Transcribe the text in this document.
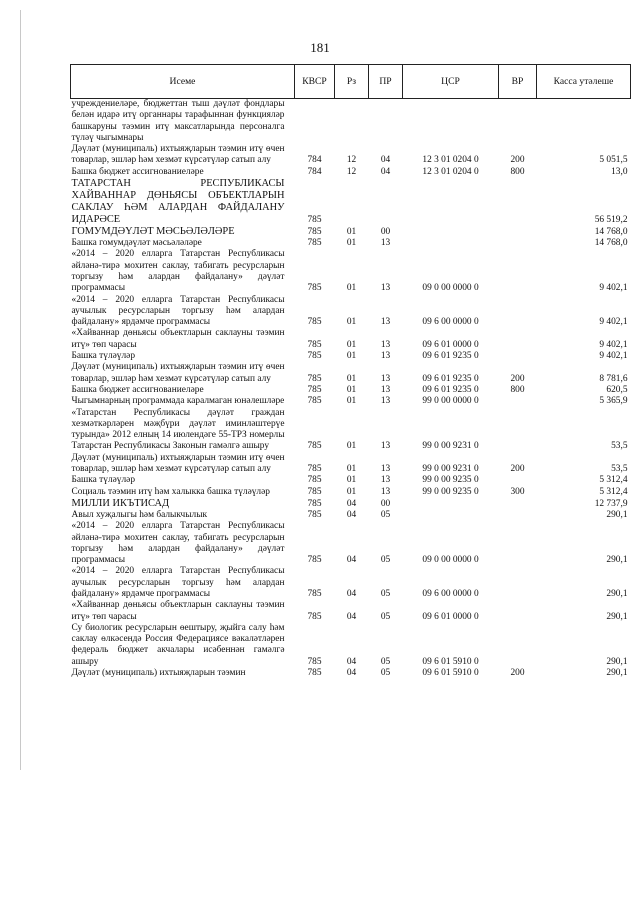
181
Исеме	КВСР	Рз	ПР	ЦСР	ВР	Касса утәлеше
учреждениеләре, бюджеттан тыш дәүләт фондлары белән идарә итү органнары тарафыннан функцияләр башкаруны тәэмин итү максатларында персоналга түләү чыгымнары						
Дәүләт (муниципаль) ихтыяҗларын тәэмин итү өчен товарлар, эшләр һәм хезмәт күрсәтүләр сатып алу	784	12	04	12 3 01 0204 0	200	5 051,5
Башка бюджет ассигнованиеләре	784	12	04	12 3 01 0204 0	800	13,0
ТАТАРСТАН РЕСПУБЛИКАСЫ ХАЙВАННАР ДӨНЬЯСЫ ОБЪЕКТЛАРЫН САКЛАУ ҺӘМ АЛАРДАН ФАЙДАЛАНУ ИДАРӘСЕ	785					56 519,2
ГОМУМДӘҮЛӘТ МӘСЬӘЛӘЛӘРЕ	785	01	00			14 768,0
Башка гомумдәүләт мәсьәләләре	785	01	13			14 768,0
«2014 – 2020 елларга Татарстан Республикасы әйләнә-тирә мохитен саклау, табигать ресурсларын торгызу һәм алардан файдалану» дәүләт программасы	785	01	13	09 0 00 0000 0		9 402,1
«2014 – 2020 елларга Татарстан Республикасы аучылык ресурсларын торгызу һәм алардан файдалану» ярдәмче программасы	785	01	13	09 6 00 0000 0		9 402,1
«Хайваннар дөньясы объектларын саклауны тәэмин итү» төп чарасы	785	01	13	09 6 01 0000 0		9 402,1
Башка түләүләр	785	01	13	09 6 01 9235 0		9 402,1
Дәүләт (муниципаль) ихтыяҗларын тәэмин итү өчен товарлар, эшләр һәм хезмәт күрсәтүләр сатып алу	785	01	13	09 6 01 9235 0	200	8 781,6
Башка бюджет ассигнованиеләре	785	01	13	09 6 01 9235 0	800	620,5
Чыгымнарның программада каралмаган юнәлешләре	785	01	13	99 0 00 0000 0		5 365,9
«Татарстан Республикасы дәүләт граждан хезмәткәрләрен мәҗбүри дәүләт иминләштерүе турында» 2012 елның 14 июлендәге 55-ТРЗ номерлы Татарстан Республикасы Законын гамәлгә ашыру	785	01	13	99 0 00 9231 0		53,5
Дәүләт (муниципаль) ихтыяҗларын тәэмин итү өчен товарлар, эшләр һәм хезмәт күрсәтүләр сатып алу	785	01	13	99 0 00 9231 0	200	53,5
Башка түләүләр	785	01	13	99 0 00 9235 0		5 312,4
Социаль тәэмин итү һәм халыкка башка түләүләр	785	01	13	99 0 00 9235 0	300	5 312,4
МИЛЛИ ИКЪТИСАД	785	04	00			12 737,9
Авыл хуҗалыгы һәм балыкчылык	785	04	05			290,1
«2014 – 2020 елларга Татарстан Республикасы әйләнә-тирә мохитен саклау, табигать ресурсларын торгызу һәм алардан файдалану» дәүләт программасы	785	04	05	09 0 00 0000 0		290,1
«2014 – 2020 елларга Татарстан Республикасы аучылык ресурсларын торгызу һәм алардан файдалану» ярдәмче программасы	785	04	05	09 6 00 0000 0		290,1
«Хайваннар дөньясы объектларын саклауны тәэмин итү» төп чарасы	785	04	05	09 6 01 0000 0		290,1
Су биологик ресурсларын өештыру, җыйга салу һәм саклау өлкәсендә Россия Федерациясе вәкаләтләрен федераль бюджет акчалары исәбеннән гамәлгә ашыру	785	04	05	09 6 01 5910 0		290,1
Дәүләт (муниципаль) ихтыяҗларын тәэмин	785	04	05	09 6 01 5910 0	200	290,1
